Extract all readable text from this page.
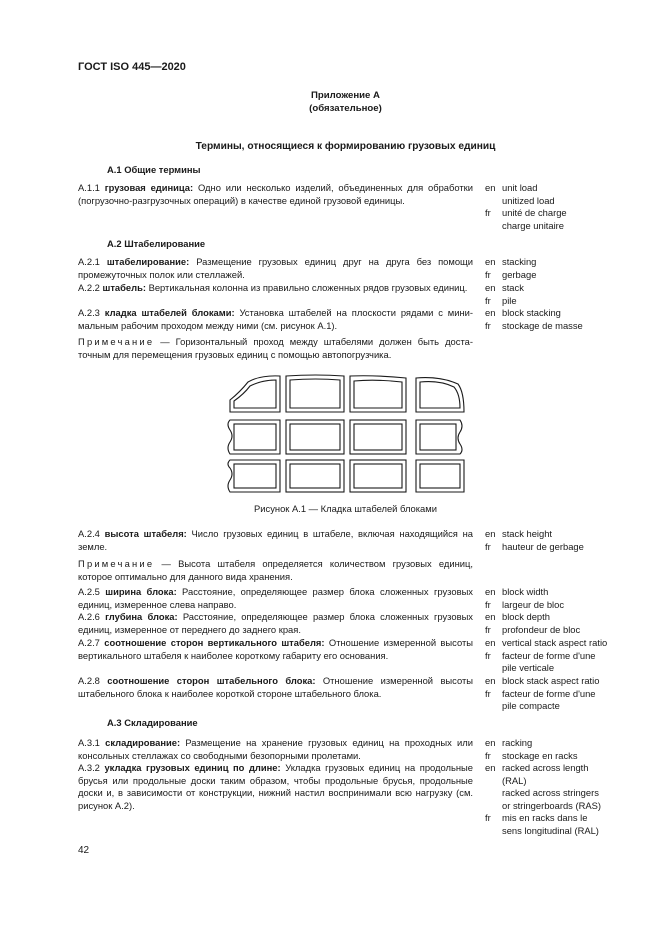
ГОСТ ISO 445—2020
Приложение А
(обязательное)
Термины, относящиеся к формированию грузовых единиц
А.1 Общие термины
А.1.1 грузовая единица: Одно или несколько изделий, объединенных для обработки (погрузочно-разгрузочных операций) в качестве единой грузовой единицы.
en unit load
unitized load
fr	unité de charge
charge unitaire
А.2 Штабелирование
А.2.1 штабелирование: Размещение грузовых единиц друг на друга без помощи промежуточных полок или стеллажей.
en stacking
fr	gerbage
А.2.2 штабель: Вертикальная колонна из правильно сложенных рядов грузовых единиц.	en stack
fr	pile
А.2.3 кладка штабелей блоками: Установка штабелей на плоскости рядами с минимальным рабочим проходом между ними (см. рисунок А.1).
en block stacking
fr	stockage de masse
Примечание — Горизонтальный проход между штабелями должен быть достаточным для перемещения грузовых единиц с помощью автопогрузчика.
Рисунок А.1 — Кладка штабелей блоками
А.2.4 высота штабеля: Число грузовых единиц в штабеле, включая находящийся на земле.
en stack height
fr	hauteur de gerbage
Примечание — Высота штабеля определяется количеством грузовых единиц, которое оптимально для данного вида хранения.
А.2.5 ширина блока: Расстояние, определяющее размер блока сложенных грузовых единиц, измеренное слева направо.
en block width
fr	largeur de bloc
А.2.6 глубина блока: Расстояние, определяющее размер блока сложенных грузовых единиц, измеренное от переднего до заднего края.
en block depth
fr	profondeur de bloc
А.2.7 соотношение сторон вертикального штабеля: Отношение измеренной высоты вертикального штабеля к наиболее короткому габариту его основания.
en vertical stack aspect ratio
fr	facteur de forme d'une
pile verticale
А.2.8 соотношение сторон штабельного блока: Отношение измеренной высоты штабельного блока к наиболее короткой стороне штабельного блока.
en block stack aspect ratio
fr	facteur de forme d'une
pile compacte
А.3 Складирование
А.3.1 складирование: Размещение на хранение грузовых единиц на проходных или консольных стеллажах со свободными безопорными пролетами.
en racking
fr	stockage en racks
А.3.2 укладка грузовых единиц по длине: Укладка грузовых единиц на продольные брусья или продольные доски таким образом, чтобы продольные брусья, продольные доски и, в зависимости от конструкции, нижний настил воспринимали всю нагрузку (см. рисунок А.2).
en racked across length
(RAL)
racked across stringers
or stringerboards (RAS)
fr	mis en racks dans le
sens longitudinal (RAL)
42
